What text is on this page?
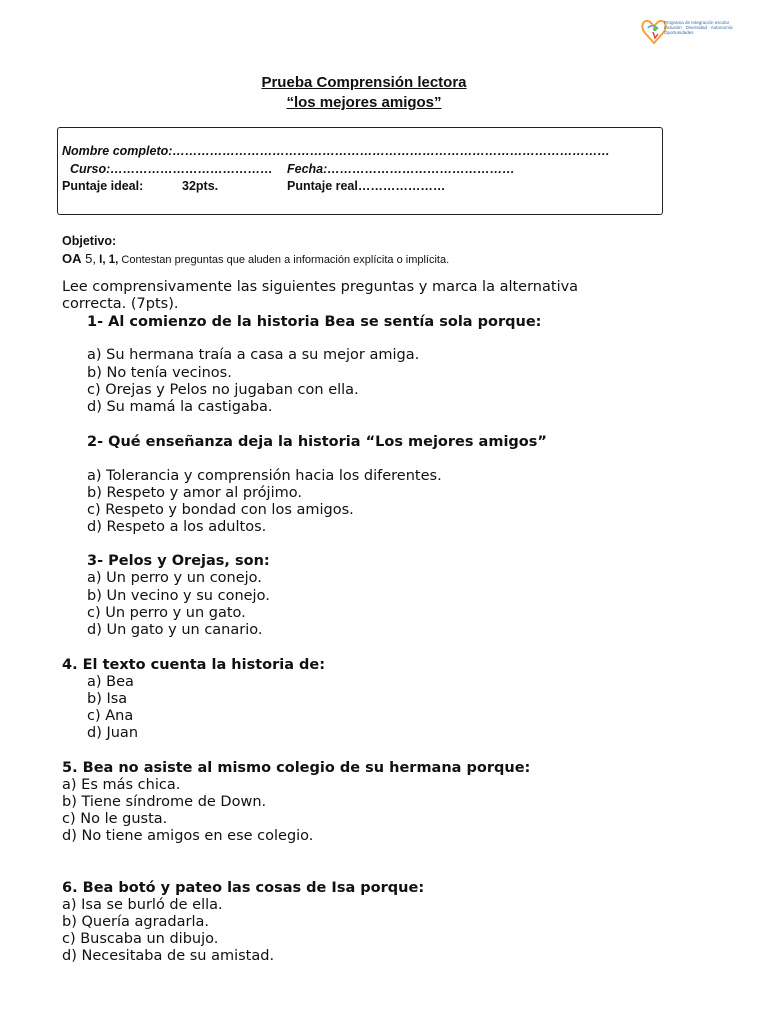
Programa de Integración escolar
Inclusión · Diversidad · Autonomía
Oportunidades
Prueba Comprensión lectora
“los mejores amigos”
Nombre completo:……………………………………………………………………………………………
Curso:………………………………… Fecha:………………………………………
Puntaje ideal:	32pts.	Puntaje real…………………
Objetivo:
OA 5, I, 1, Contestan preguntas que aluden a información explícita o implícita.
Lee comprensivamente las siguientes preguntas y marca la alternativa
correcta. (7pts).
1- Al comienzo de la historia Bea se sentía sola porque:
a) Su hermana traía a casa a su mejor amiga.
b) No tenía vecinos.
c) Orejas y Pelos no jugaban con ella.
d) Su mamá la castigaba.
2- Qué enseñanza deja la historia “Los mejores amigos”
a) Tolerancia y comprensión hacia los diferentes.
b) Respeto y amor al prójimo.
c) Respeto y bondad con los amigos.
d) Respeto a los adultos.
3- Pelos y Orejas, son:
a) Un perro y un conejo.
b) Un vecino y su conejo.
c) Un perro y un gato.
d) Un gato y un canario.
4. El texto cuenta la historia de:
a) Bea
b) Isa
c) Ana
d) Juan
5. Bea no asiste al mismo colegio de su hermana porque:
a) Es más chica.
b) Tiene síndrome de Down.
c) No le gusta.
d) No tiene amigos en ese colegio.
6. Bea botó y pateo las cosas de Isa porque:
a) Isa se burló de ella.
b) Quería agradarla.
c) Buscaba un dibujo.
d) Necesitaba de su amistad.
